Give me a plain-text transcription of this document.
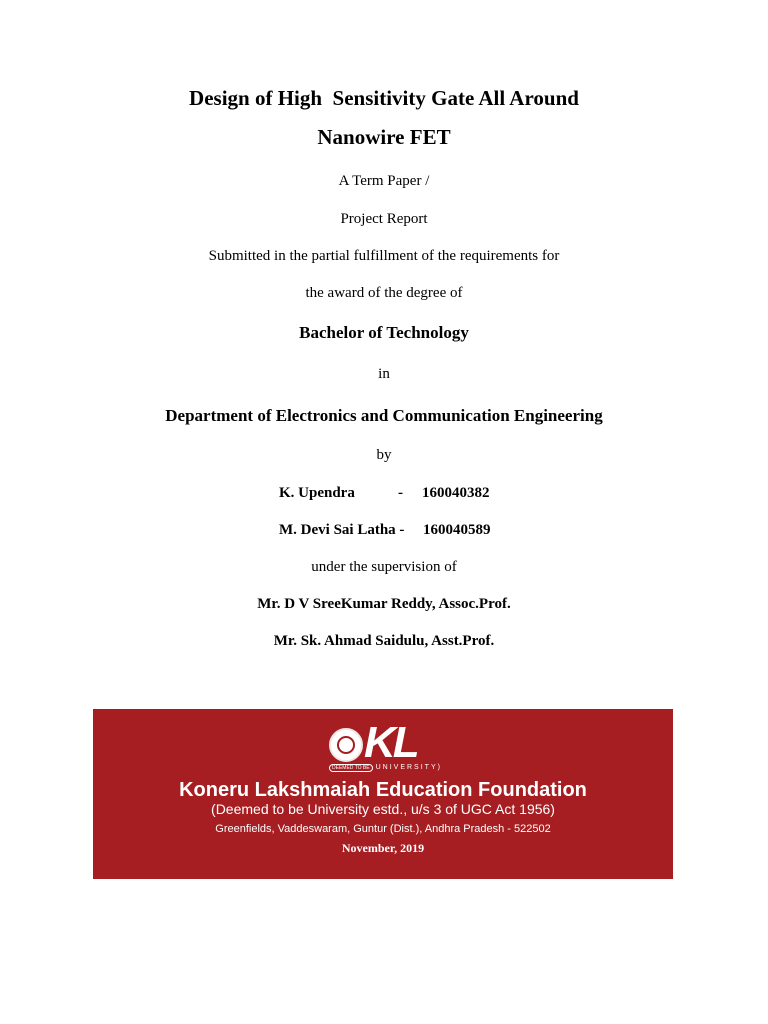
Design of High  Sensitivity Gate All Around
Nanowire FET
A Term Paper /
Project Report
Submitted in the partial fulfillment of the requirements for
the award of the degree of
Bachelor of Technology
in
Department of Electronics and Communication Engineering
by
K. Upendra	- 160040382
M. Devi Sai Latha - 160040589
under the supervision of
Mr. D V SreeKumar Reddy, Assoc.Prof.
Mr. Sk. Ahmad Saidulu, Asst.Prof.
KL
DEEMED TO BE UNIVERSITY)
Koneru Lakshmaiah Education Foundation
(Deemed to be University estd., u/s 3 of UGC Act 1956)
Greenfields, Vaddeswaram, Guntur (Dist.), Andhra Pradesh - 522502
November, 2019
